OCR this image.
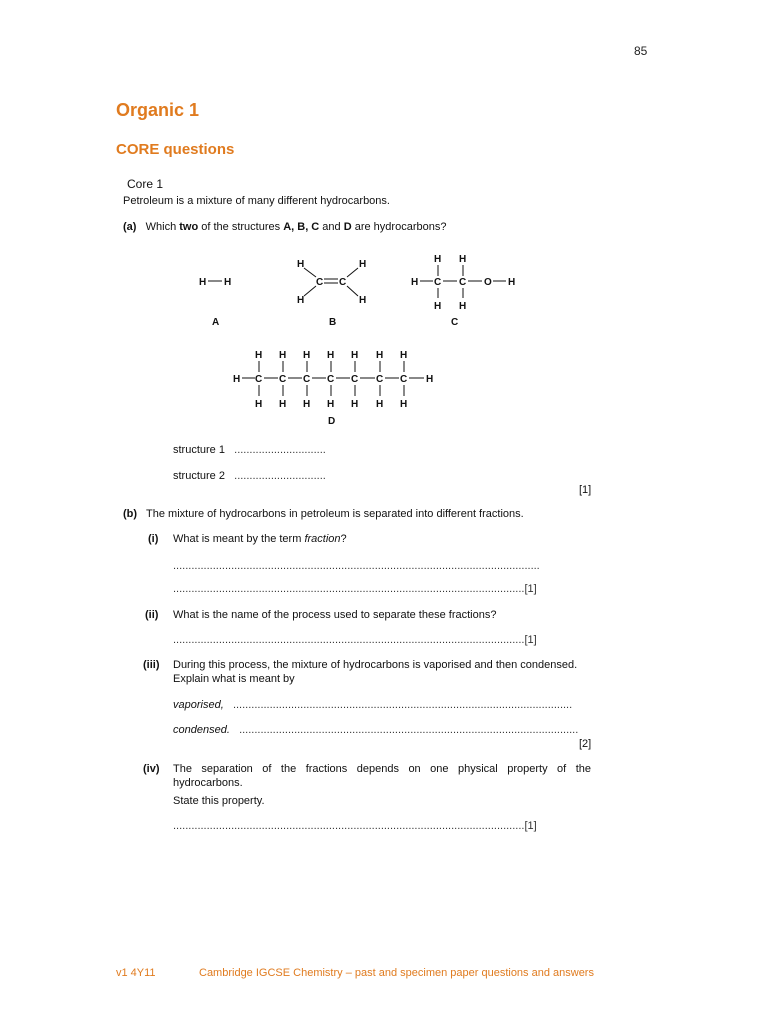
85
Organic 1
CORE questions
Core 1
Petroleum is a mixture of many different hydrocarbons.
(a) Which two of the structures A, B, C and D are hydrocarbons?
H H
A
H	H
C C
H	H
B
H H
H C C O H
H H
C
H	H
D
H
C
H
H
C
H
H
C
H
H
C
H
H
C
H
H
C
H
H
C
H
structure 1 ..............................
structure 2 ..............................
[1]
(b) The mixture of hydrocarbons in petroleum is separated into different fractions.
(i) What is meant by the term fraction?
........................................................................................................................
...................................................................................................................[1]
(ii) What is the name of the process used to separate these fractions?
...................................................................................................................[1]
(iii) During this process, the mixture of hydrocarbons is vaporised and then condensed.
Explain what is meant by
vaporised, ...............................................................................................................
condensed. ...............................................................................................................
[2]
(iv) The separation of the fractions depends on one physical property of the
hydrocarbons.
State this property.
...................................................................................................................[1]
v1 4Y11	Cambridge IGCSE Chemistry – past and specimen paper questions and answers
